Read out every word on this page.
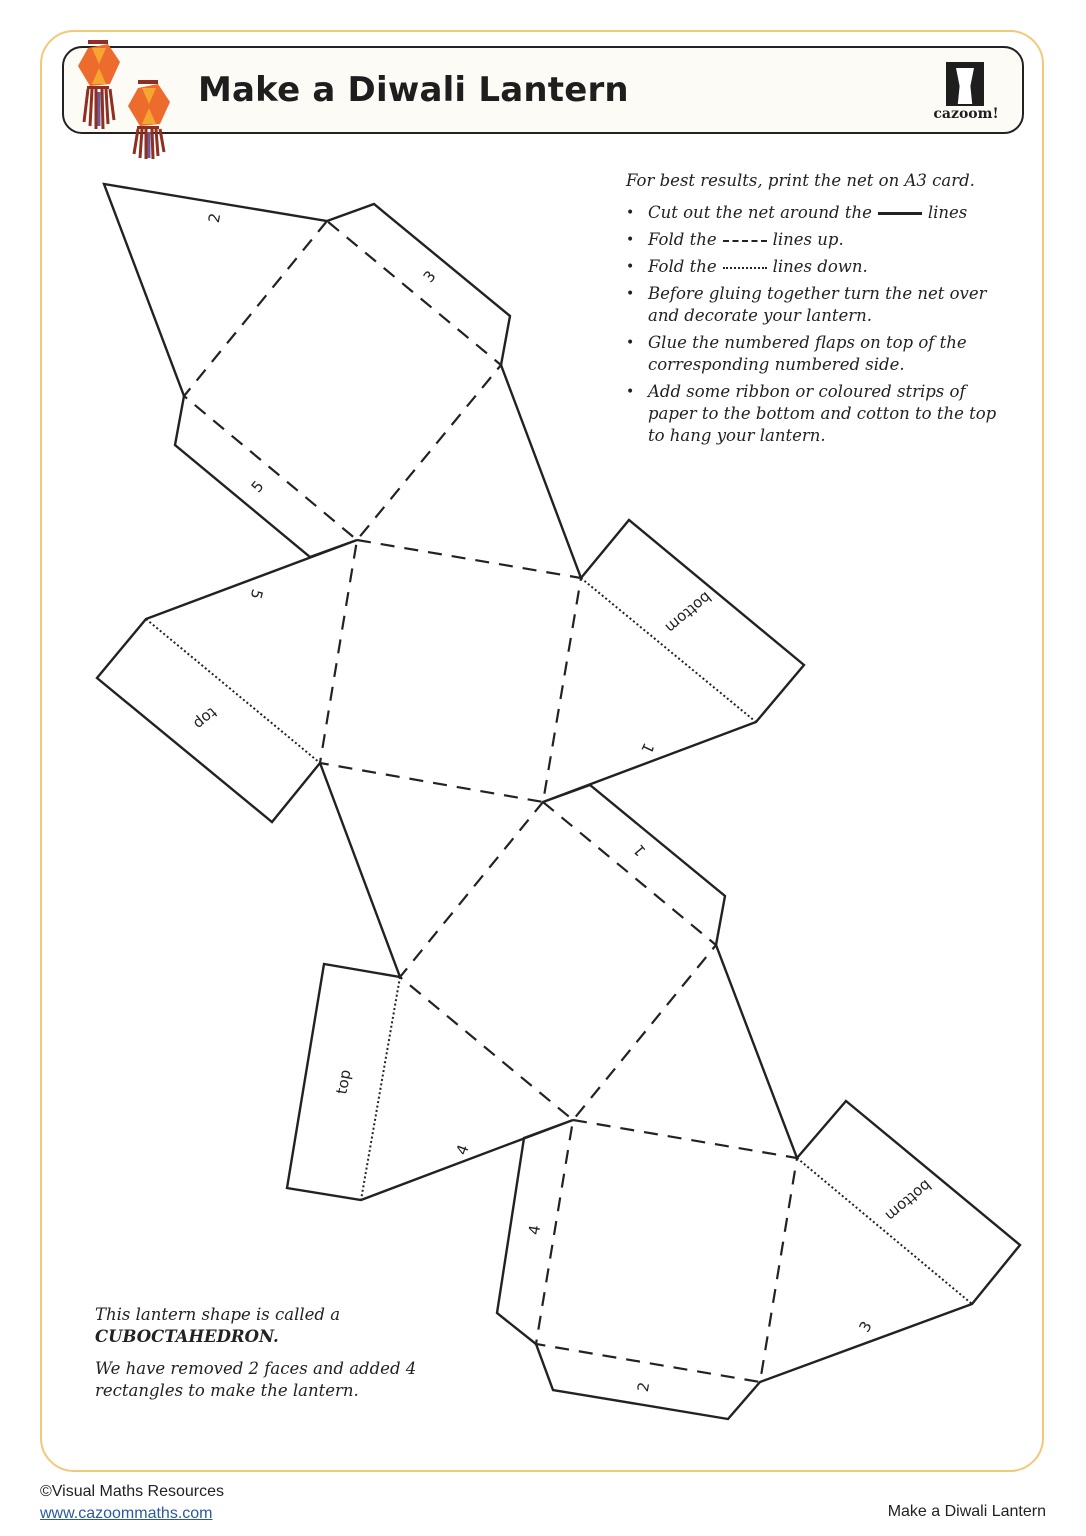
Make a Diwali Lantern
cazoom!

For best results, print the net on A3 card.

• Cut out the net around the	lines
• Fold the	lines up.
• Fold the	lines down.
• Before gluing together turn the net over and decorate your lantern.
• Glue the numbered flaps on top of the corresponding numbered side.
• Add some ribbon or coloured strips of paper to the bottom and cotton to the top to hang your lantern.
2
3
5
5	bottom
top
1
1
top
4
4
bottom
3
2

This lantern shape is called a
CUBOCTAHEDRON.

We have removed 2 faces and added 4 rectangles to make the lantern.

©Visual Maths Resources
www.cazoommaths.com	Make a Diwali Lantern
